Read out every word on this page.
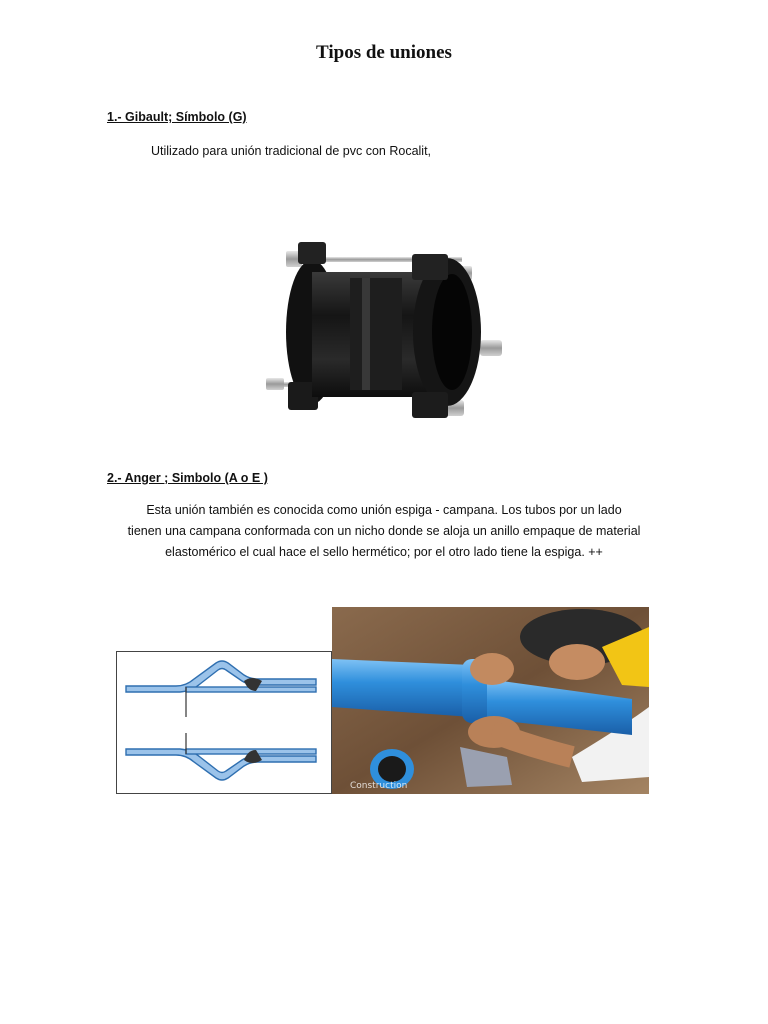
Tipos de uniones

1.- Gibault; Símbolo (G)

Utilizado para unión tradicional de pvc con Rocalit,

2.- Anger ; Simbolo (A o E )

Esta unión también es conocida como unión espiga - campana. Los tubos por un lado

tienen una campana conformada con un nicho donde se aloja un anillo empaque de material

elastomérico el cual hace el sello hermético; por el otro lado tiene la espiga. ++

Construction
